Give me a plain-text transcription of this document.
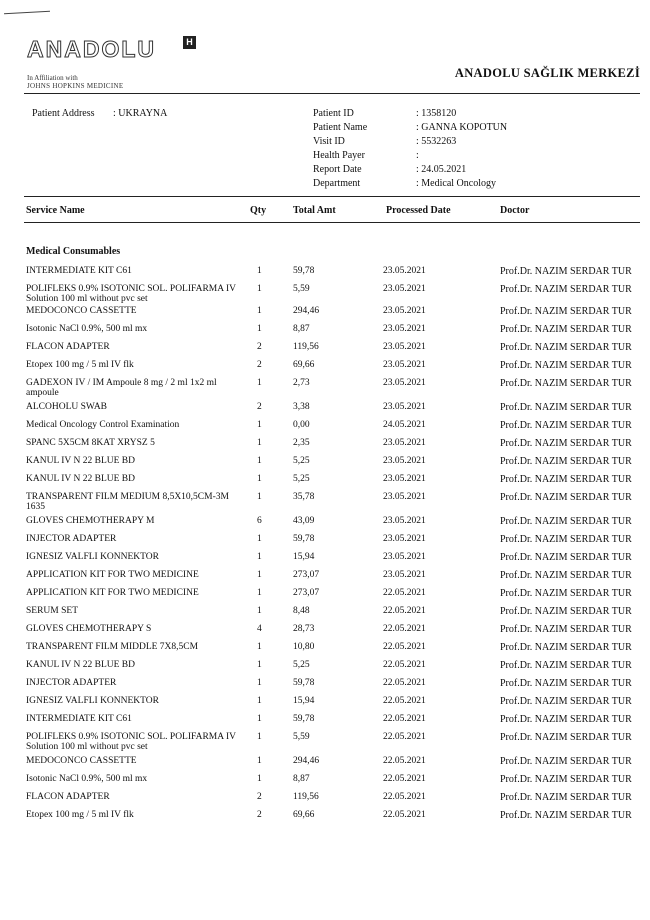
ANADOLU	H
In Affiliation with
JOHNS HOPKINS MEDICINE
ANADOLU SAĞLIK MERKEZİ
Patient Address : UKRAYNA	Patient ID	: 1358120
Patient Name	: GANNA KOPOTUN
Visit ID	: 5532263
Health Payer	:
Report Date	: 24.05.2021
Department	: Medical Oncology
Service Name	Qty	Total Amt	Processed Date	Doctor
Medical Consumables
INTERMEDIATE KIT C61	1	59,78	23.05.2021	Prof.Dr. NAZIM SERDAR TUR
POLIFLEKS 0.9% ISOTONIC SOL. POLIFARMA IV Solution 100 ml without pvc set
1	5,59	23.05.2021	Prof.Dr. NAZIM SERDAR TUR
MEDOCONCO CASSETTE	1	294,46	23.05.2021	Prof.Dr. NAZIM SERDAR TUR
Isotonic NaCl 0.9%, 500 ml mx	1	8,87	23.05.2021	Prof.Dr. NAZIM SERDAR TUR
FLACON ADAPTER	2	119,56	23.05.2021	Prof.Dr. NAZIM SERDAR TUR
Etopex 100 mg / 5 ml IV flk	2	69,66	23.05.2021	Prof.Dr. NAZIM SERDAR TUR
GADEXON IV / IM Ampoule 8 mg / 2 ml 1x2 ml ampoule
1	2,73	23.05.2021	Prof.Dr. NAZIM SERDAR TUR
ALCOHOLU SWAB	2	3,38	23.05.2021	Prof.Dr. NAZIM SERDAR TUR
Medical Oncology Control Examination	1	0,00	24.05.2021	Prof.Dr. NAZIM SERDAR TUR
SPANC 5X5CM 8KAT XRYSZ 5	1	2,35	23.05.2021	Prof.Dr. NAZIM SERDAR TUR
KANUL IV N 22 BLUE BD	1	5,25	23.05.2021	Prof.Dr. NAZIM SERDAR TUR
KANUL IV N 22 BLUE BD	1	5,25	23.05.2021	Prof.Dr. NAZIM SERDAR TUR
TRANSPARENT FILM MEDIUM 8,5X10,5CM-3M 1635
1	35,78	23.05.2021	Prof.Dr. NAZIM SERDAR TUR
GLOVES CHEMOTHERAPY M	6	43,09	23.05.2021	Prof.Dr. NAZIM SERDAR TUR
INJECTOR ADAPTER	1	59,78	23.05.2021	Prof.Dr. NAZIM SERDAR TUR
IGNESIZ VALFLI KONNEKTOR	1	15,94	23.05.2021	Prof.Dr. NAZIM SERDAR TUR
APPLICATION KIT FOR TWO MEDICINE	1	273,07	23.05.2021	Prof.Dr. NAZIM SERDAR TUR
APPLICATION KIT FOR TWO MEDICINE	1	273,07	22.05.2021	Prof.Dr. NAZIM SERDAR TUR
SERUM SET	1	8,48	22.05.2021	Prof.Dr. NAZIM SERDAR TUR
GLOVES CHEMOTHERAPY S	4	28,73	22.05.2021	Prof.Dr. NAZIM SERDAR TUR
TRANSPARENT FILM MIDDLE 7X8,5CM	1	10,80	22.05.2021	Prof.Dr. NAZIM SERDAR TUR
KANUL IV N 22 BLUE BD	1	5,25	22.05.2021	Prof.Dr. NAZIM SERDAR TUR
INJECTOR ADAPTER	1	59,78	22.05.2021	Prof.Dr. NAZIM SERDAR TUR
IGNESIZ VALFLI KONNEKTOR	1	15,94	22.05.2021	Prof.Dr. NAZIM SERDAR TUR
INTERMEDIATE KIT C61	1	59,78	22.05.2021	Prof.Dr. NAZIM SERDAR TUR
POLIFLEKS 0.9% ISOTONIC SOL. POLIFARMA IV Solution 100 ml without pvc set
1	5,59	22.05.2021	Prof.Dr. NAZIM SERDAR TUR
MEDOCONCO CASSETTE	1	294,46	22.05.2021	Prof.Dr. NAZIM SERDAR TUR
Isotonic NaCl 0.9%, 500 ml mx	1	8,87	22.05.2021	Prof.Dr. NAZIM SERDAR TUR
FLACON ADAPTER	2	119,56	22.05.2021	Prof.Dr. NAZIM SERDAR TUR
Etopex 100 mg / 5 ml IV flk	2	69,66	22.05.2021	Prof.Dr. NAZIM SERDAR TUR
